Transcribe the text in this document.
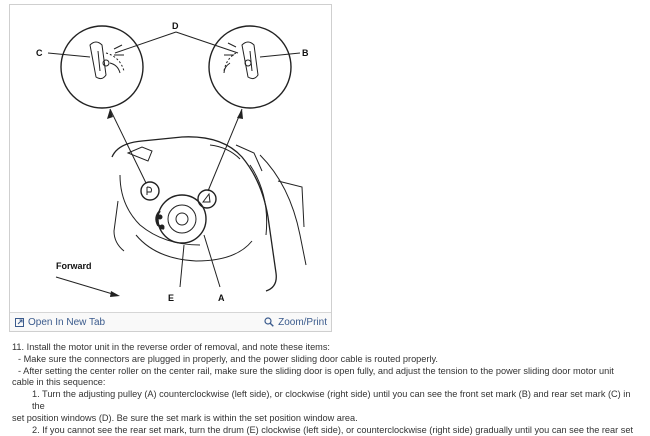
D
C	B
E	A
Forward
Open In New Tab	Zoom/Print

11. Install the motor unit in the reverse order of removal, and note these items:

- Make sure the connectors are plugged in properly, and the power sliding door cable is routed properly.

- After setting the center roller on the center rail, make sure the sliding door is open fully, and adjust the tension to the power sliding door motor unit

cable in this sequence:

1. Turn the adjusting pulley (A) counterclockwise (left side), or clockwise (right side) until you can see the front set mark (B) and rear set mark (C) in the

set position windows (D). Be sure the set mark is within the set position window area.

2. If you cannot see the rear set mark, turn the drum (E) clockwise (left side), or counterclockwise (right side) gradually until you can see the rear set
